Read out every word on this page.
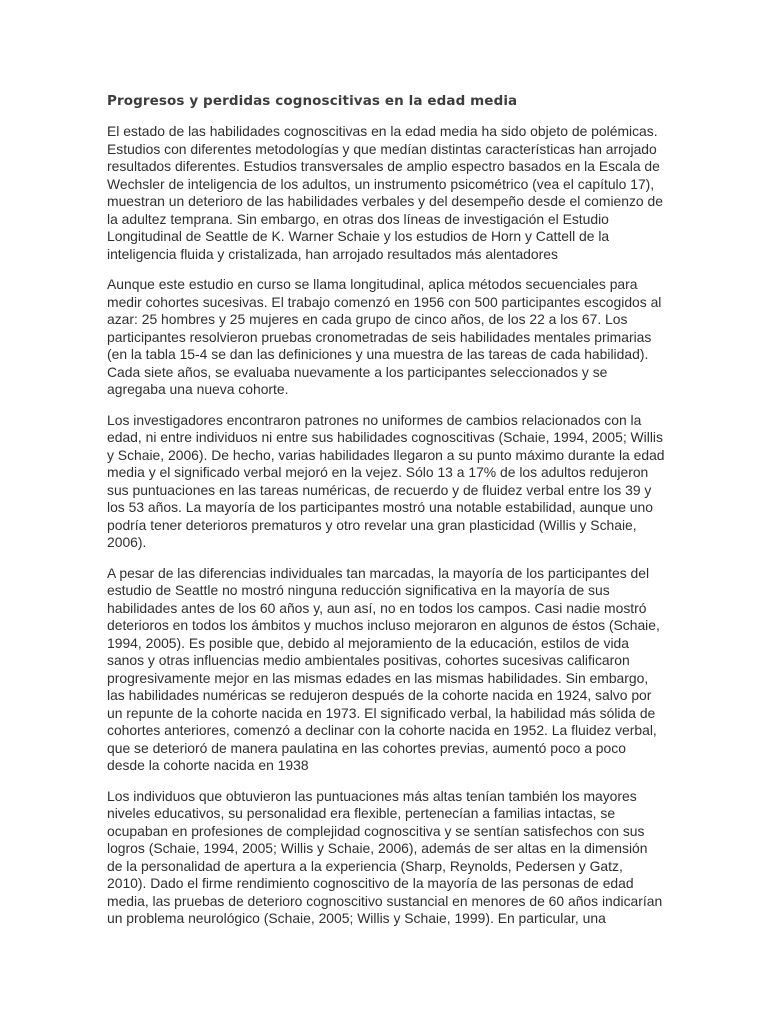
Progresos y perdidas cognoscitivas en la edad media

El estado de las habilidades cognoscitivas en la edad media ha sido objeto de polémicas.
Estudios con diferentes metodologías y que medían distintas características han arrojado
resultados diferentes. Estudios transversales de amplio espectro basados en la Escala de
Wechsler de inteligencia de los adultos, un instrumento psicométrico (vea el capítulo 17),
muestran un deterioro de las habilidades verbales y del desempeño desde el comienzo de
la adultez temprana. Sin embargo, en otras dos líneas de investigación el Estudio
Longitudinal de Seattle de K. Warner Schaie y los estudios de Horn y Cattell de la
inteligencia fluida y cristalizada, han arrojado resultados más alentadores

Aunque este estudio en curso se llama longitudinal, aplica métodos secuenciales para
medir cohortes sucesivas. El trabajo comenzó en 1956 con 500 participantes escogidos al
azar: 25 hombres y 25 mujeres en cada grupo de cinco años, de los 22 a los 67. Los
participantes resolvieron pruebas cronometradas de seis habilidades mentales primarias
(en la tabla 15-4 se dan las definiciones y una muestra de las tareas de cada habilidad).
Cada siete años, se evaluaba nuevamente a los participantes seleccionados y se
agregaba una nueva cohorte.

Los investigadores encontraron patrones no uniformes de cambios relacionados con la
edad, ni entre individuos ni entre sus habilidades cognoscitivas (Schaie, 1994, 2005; Willis
y Schaie, 2006). De hecho, varias habilidades llegaron a su punto máximo durante la edad
media y el significado verbal mejoró en la vejez. Sólo 13 a 17% de los adultos redujeron
sus puntuaciones en las tareas numéricas, de recuerdo y de fluidez verbal entre los 39 y
los 53 años. La mayoría de los participantes mostró una notable estabilidad, aunque uno
podría tener deterioros prematuros y otro revelar una gran plasticidad (Willis y Schaie,
2006).

A pesar de las diferencias individuales tan marcadas, la mayoría de los participantes del
estudio de Seattle no mostró ninguna reducción significativa en la mayoría de sus
habilidades antes de los 60 años y, aun así, no en todos los campos. Casi nadie mostró
deterioros en todos los ámbitos y muchos incluso mejoraron en algunos de éstos (Schaie,
1994, 2005). Es posible que, debido al mejoramiento de la educación, estilos de vida
sanos y otras influencias medio ambientales positivas, cohortes sucesivas calificaron
progresivamente mejor en las mismas edades en las mismas habilidades. Sin embargo,
las habilidades numéricas se redujeron después de la cohorte nacida en 1924, salvo por
un repunte de la cohorte nacida en 1973. El significado verbal, la habilidad más sólida de
cohortes anteriores, comenzó a declinar con la cohorte nacida en 1952. La fluidez verbal,
que se deterioró de manera paulatina en las cohortes previas, aumentó poco a poco
desde la cohorte nacida en 1938

Los individuos que obtuvieron las puntuaciones más altas tenían también los mayores
niveles educativos, su personalidad era flexible, pertenecían a familias intactas, se
ocupaban en profesiones de complejidad cognoscitiva y se sentían satisfechos con sus
logros (Schaie, 1994, 2005; Willis y Schaie, 2006), además de ser altas en la dimensión
de la personalidad de apertura a la experiencia (Sharp, Reynolds, Pedersen y Gatz,
2010). Dado el firme rendimiento cognoscitivo de la mayoría de las personas de edad
media, las pruebas de deterioro cognoscitivo sustancial en menores de 60 años indicarían
un problema neurológico (Schaie, 2005; Willis y Schaie, 1999). En particular, una
